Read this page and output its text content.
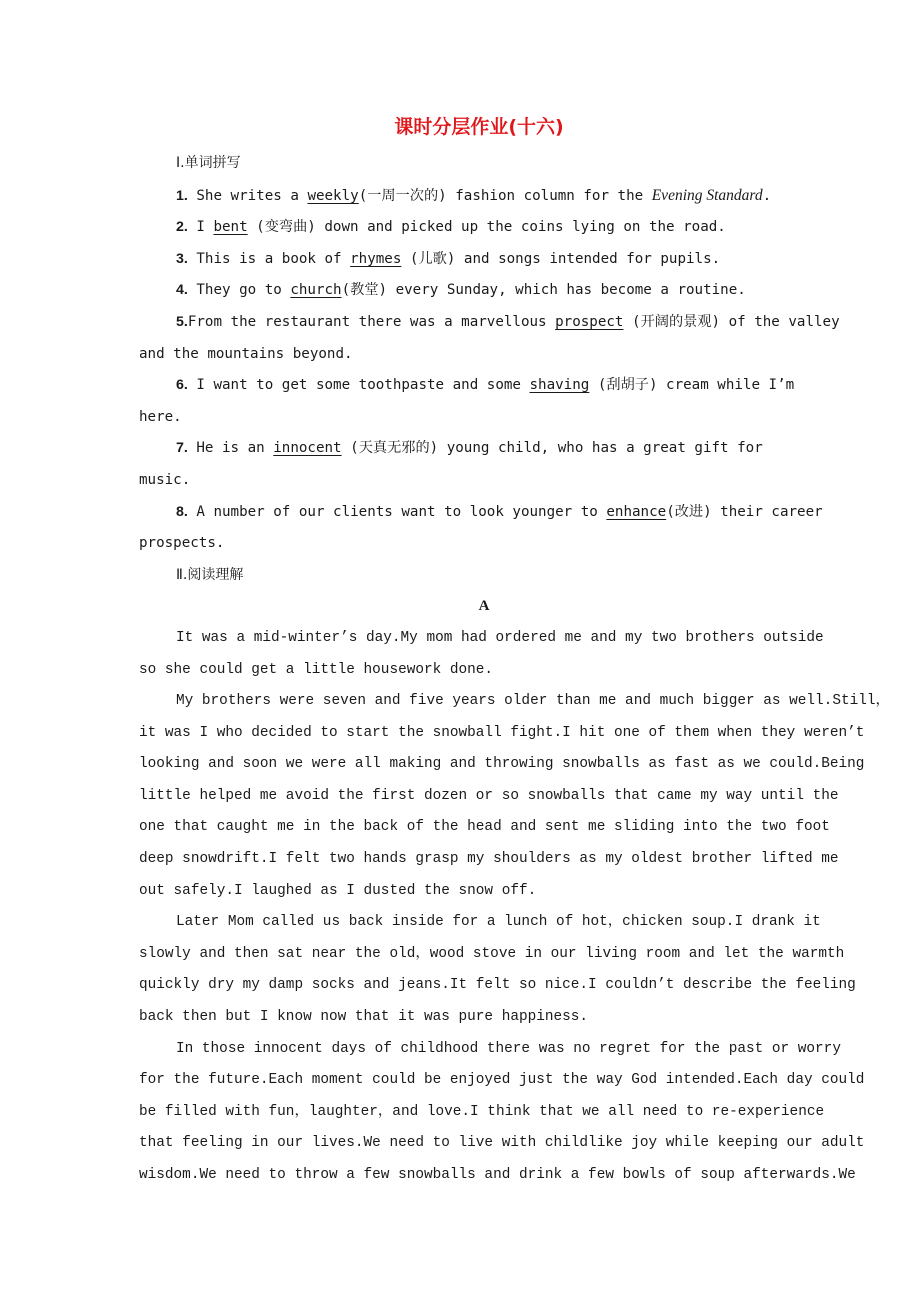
课时分层作业(十六)
Ⅰ.单词拼写
1. She writes a weekly(一周一次的) fashion column for the Evening Standard.
2. I bent (变弯曲) down and picked up the coins lying on the road.
3. This is a book of rhymes (儿歌) and songs intended for pupils.
4. They go to church(教堂) every Sunday, which has become a routine.
5.From the restaurant there was a marvellous prospect (开阔的景观) of the valley
and the mountains beyond.
6. I want to get some toothpaste and some shaving (刮胡子) cream while I’m
here.
7. He is an innocent (天真无邪的) young child, who has a great gift for
music.
8. A number of our clients want to look younger to enhance(改进) their career
prospects.
Ⅱ.阅读理解
A
It was a mid-winter’s day.My mom had ordered me and my two brothers outside
so she could get a little housework done.
My brothers were seven and five years older than me and much bigger as well.Still，
it was I who decided to start the snowball fight.I hit one of them when they weren’t
looking and soon we were all making and throwing snowballs as fast as we could.Being
little helped me avoid the first dozen or so snowballs that came my way until the
one that caught me in the back of the head and sent me sliding into the two foot
deep snowdrift.I felt two hands grasp my shoulders as my oldest brother lifted me
out safely.I laughed as I dusted the snow off.
Later Mom called us back inside for a lunch of hot，chicken soup.I drank it
slowly and then sat near the old，wood stove in our living room and let the warmth
quickly dry my damp socks and jeans.It felt so nice.I couldn’t describe the feeling
back then but I know now that it was pure happiness.
In those innocent days of childhood there was no regret for the past or worry
for the future.Each moment could be enjoyed just the way God intended.Each day could
be filled with fun，laughter，and love.I think that we all need to re-experience
that feeling in our lives.We need to live with childlike joy while keeping our adult
wisdom.We need to throw a few snowballs and drink a few bowls of soup afterwards.We
